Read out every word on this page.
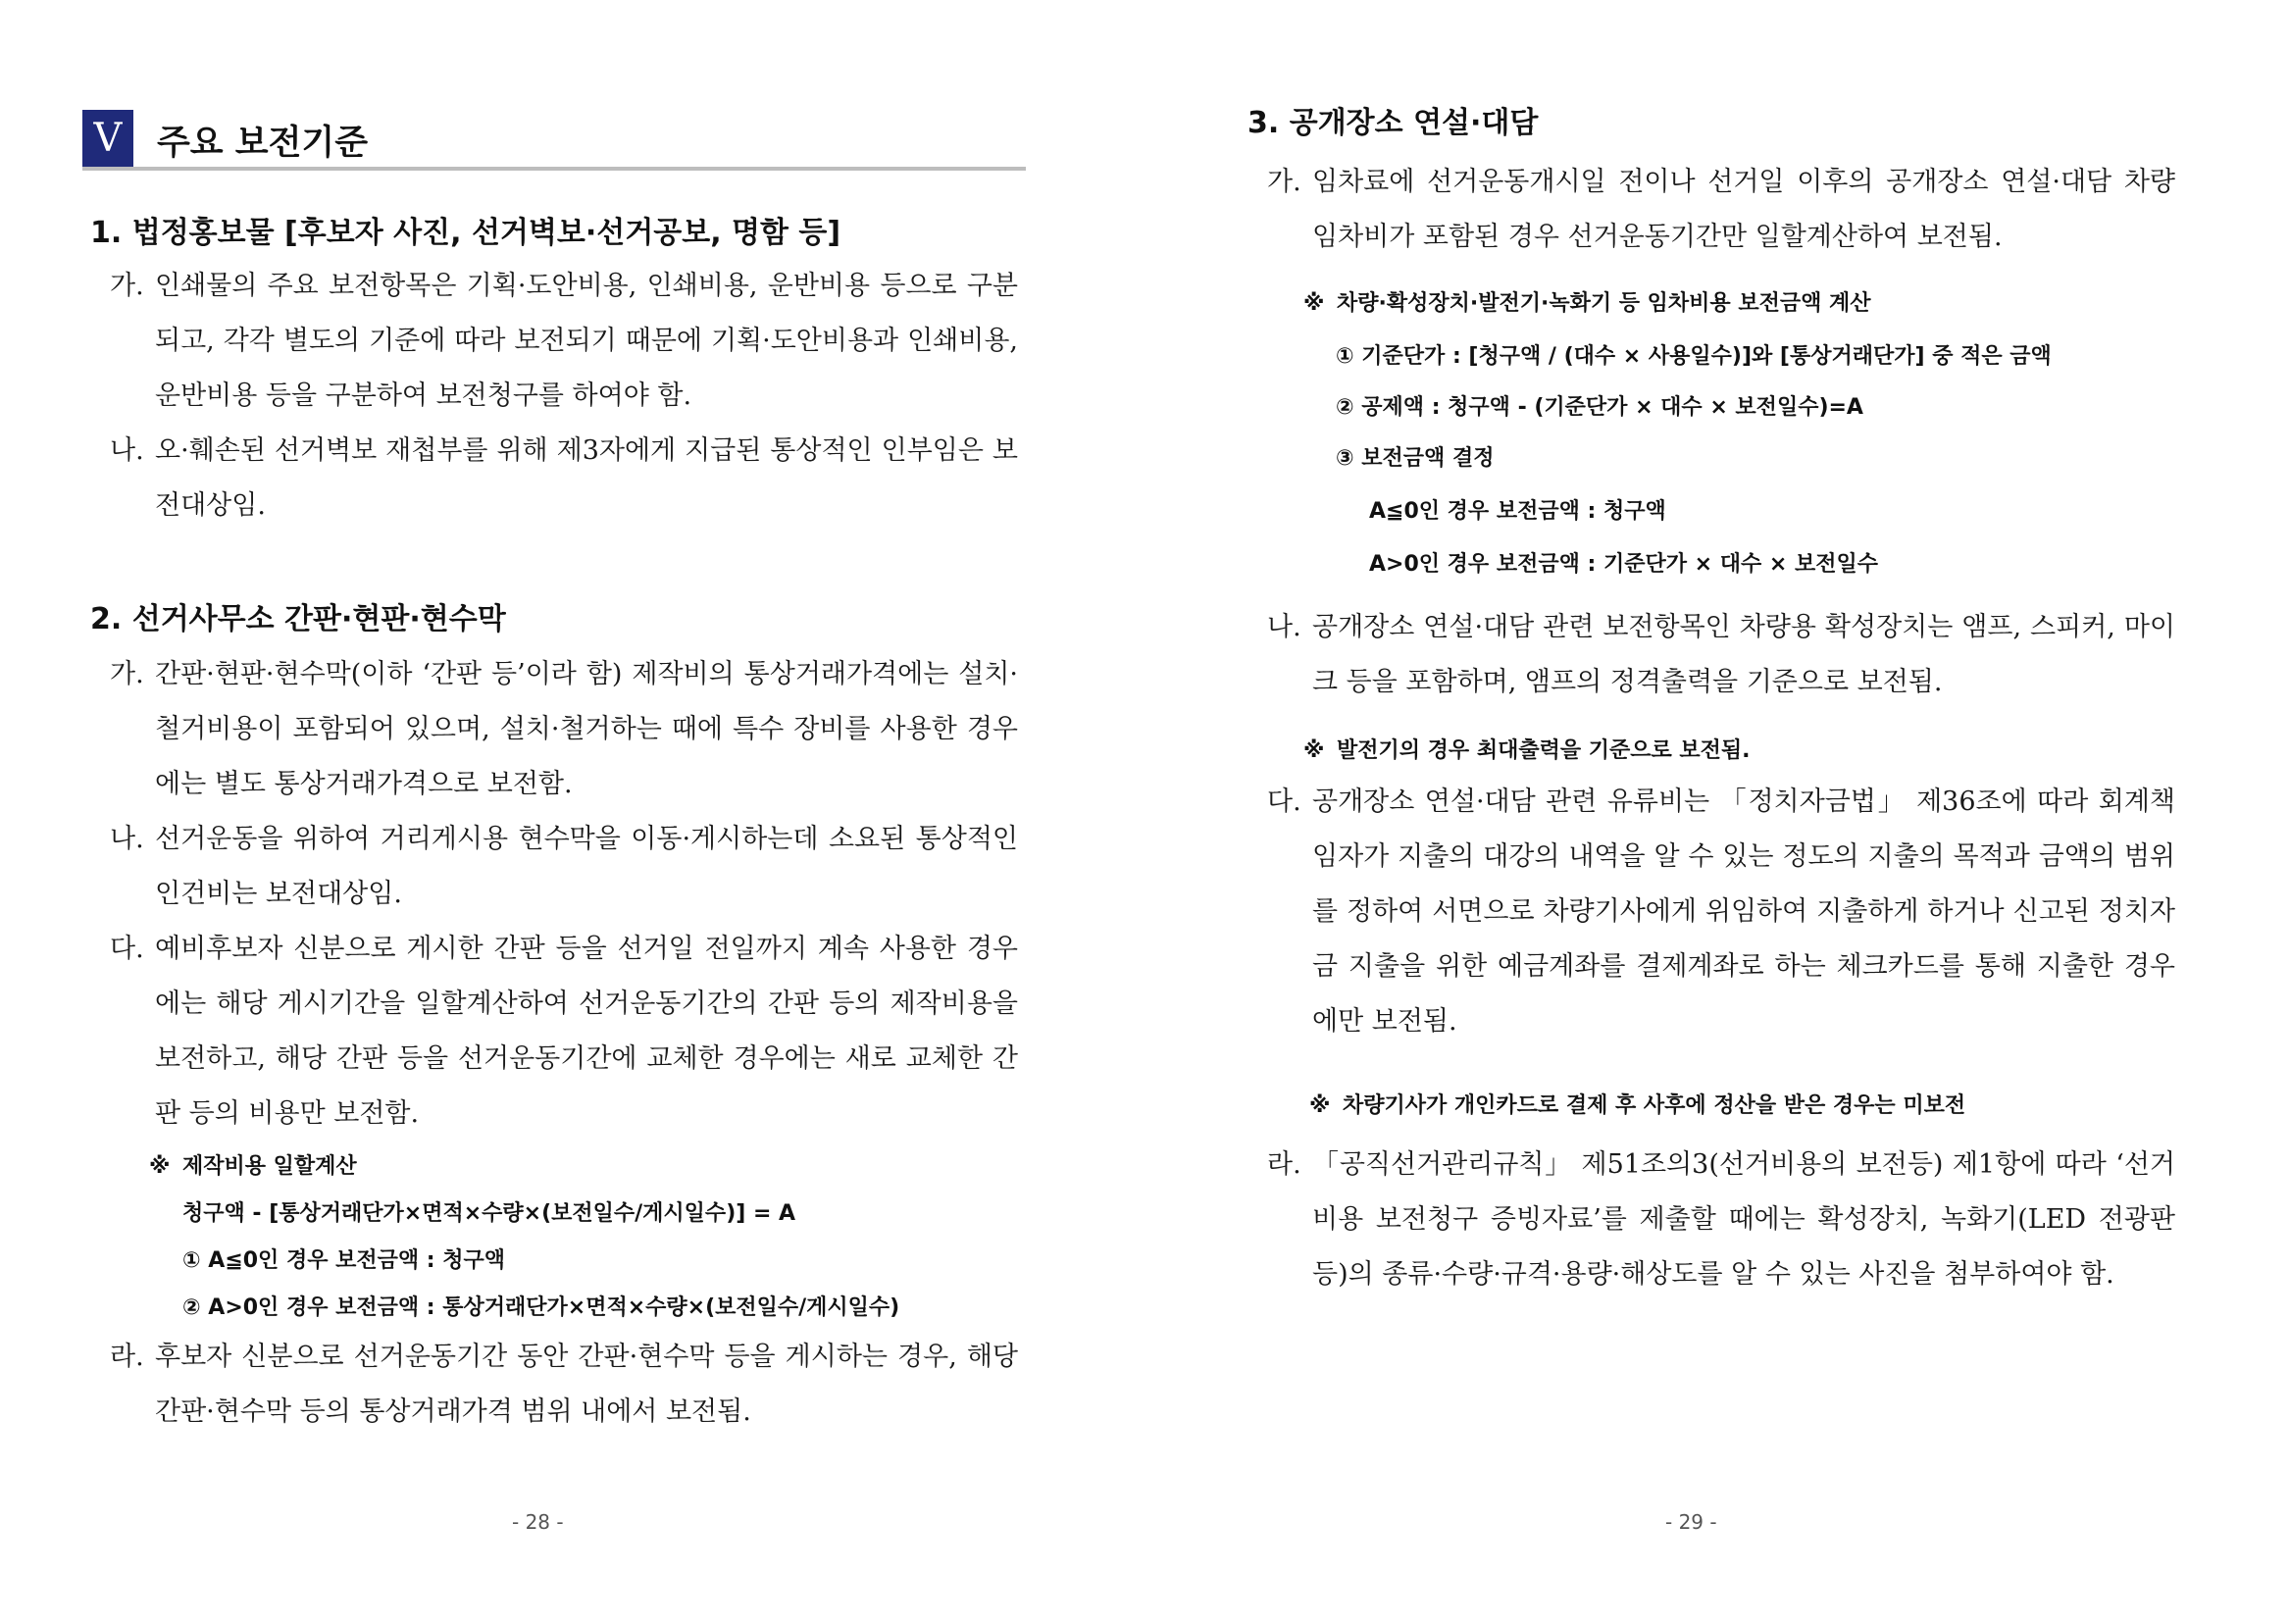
V	주요 보전기준
1. 법정홍보물 [후보자 사진, 선거벽보·선거공보, 명함 등]
가. 인쇄물의 주요 보전항목은 기획·도안비용, 인쇄비용, 운반비용 등으로 구분되고, 각각 별도의 기준에 따라 보전되기 때문에 기획·도안비용과 인쇄비용, 운반비용 등을 구분하여 보전청구를 하여야 함.

나. 오·훼손된 선거벽보 재첩부를 위해 제3자에게 지급된 통상적인 인부임은 보전대상임.

2. 선거사무소 간판·현판·현수막
가. 간판·현판·현수막(이하 ‘간판 등’이라 함) 제작비의 통상거래가격에는 설치·철거비용이 포함되어 있으며, 설치·철거하는 때에 특수 장비를 사용한 경우에는 별도 통상거래가격으로 보전함.

나. 선거운동을 위하여 거리게시용 현수막을 이동·게시하는데 소요된 통상적인 인건비는 보전대상임.

다. 예비후보자 신분으로 게시한 간판 등을 선거일 전일까지 계속 사용한 경우에는 해당 게시기간을 일할계산하여 선거운동기간의 간판 등의 제작비용을 보전하고, 해당 간판 등을 선거운동기간에 교체한 경우에는 새로 교체한 간판 등의 비용만 보전함.

※ 제작비용 일할계산
청구액 - [통상거래단가×면적×수량×(보전일수/게시일수)] = A
① A≦0인 경우 보전금액 : 청구액
② A>0인 경우 보전금액 : 통상거래단가×면적×수량×(보전일수/게시일수)
라. 후보자 신분으로 선거운동기간 동안 간판·현수막 등을 게시하는 경우, 해당 간판·현수막 등의 통상거래가격 범위 내에서 보전됨.

- 28 -
3. 공개장소 연설·대담
가. 임차료에 선거운동개시일 전이나 선거일 이후의 공개장소 연설·대담 차량 임차비가 포함된 경우 선거운동기간만 일할계산하여 보전됨.

※ 차량·확성장치·발전기·녹화기 등 임차비용 보전금액 계산
① 기준단가 : [청구액 / (대수 × 사용일수)]와 [통상거래단가] 중 적은 금액
② 공제액 : 청구액 - (기준단가 × 대수 × 보전일수)=A
③ 보전금액 결정
A≦0인 경우 보전금액 : 청구액
A>0인 경우 보전금액 : 기준단가 × 대수 × 보전일수
나. 공개장소 연설·대담 관련 보전항목인 차량용 확성장치는 앰프, 스피커, 마이크 등을 포함하며, 앰프의 정격출력을 기준으로 보전됨.

※ 발전기의 경우 최대출력을 기준으로 보전됨.
다. 공개장소 연설·대담 관련 유류비는 「정치자금법」 제36조에 따라 회계책임자가 지출의 대강의 내역을 알 수 있는 정도의 지출의 목적과 금액의 범위를 정하여 서면으로 차량기사에게 위임하여 지출하게 하거나 신고된 정치자금 지출을 위한 예금계좌를 결제계좌로 하는 체크카드를 통해 지출한 경우에만 보전됨.

※ 차량기사가 개인카드로 결제 후 사후에 정산을 받은 경우는 미보전
라. 「공직선거관리규칙」 제51조의3(선거비용의 보전등) 제1항에 따라 ‘선거비용 보전청구 증빙자료’를 제출할 때에는 확성장치, 녹화기(LED 전광판 등)의 종류·수량·규격·용량·해상도를 알 수 있는 사진을 첨부하여야 함.

- 29 -
